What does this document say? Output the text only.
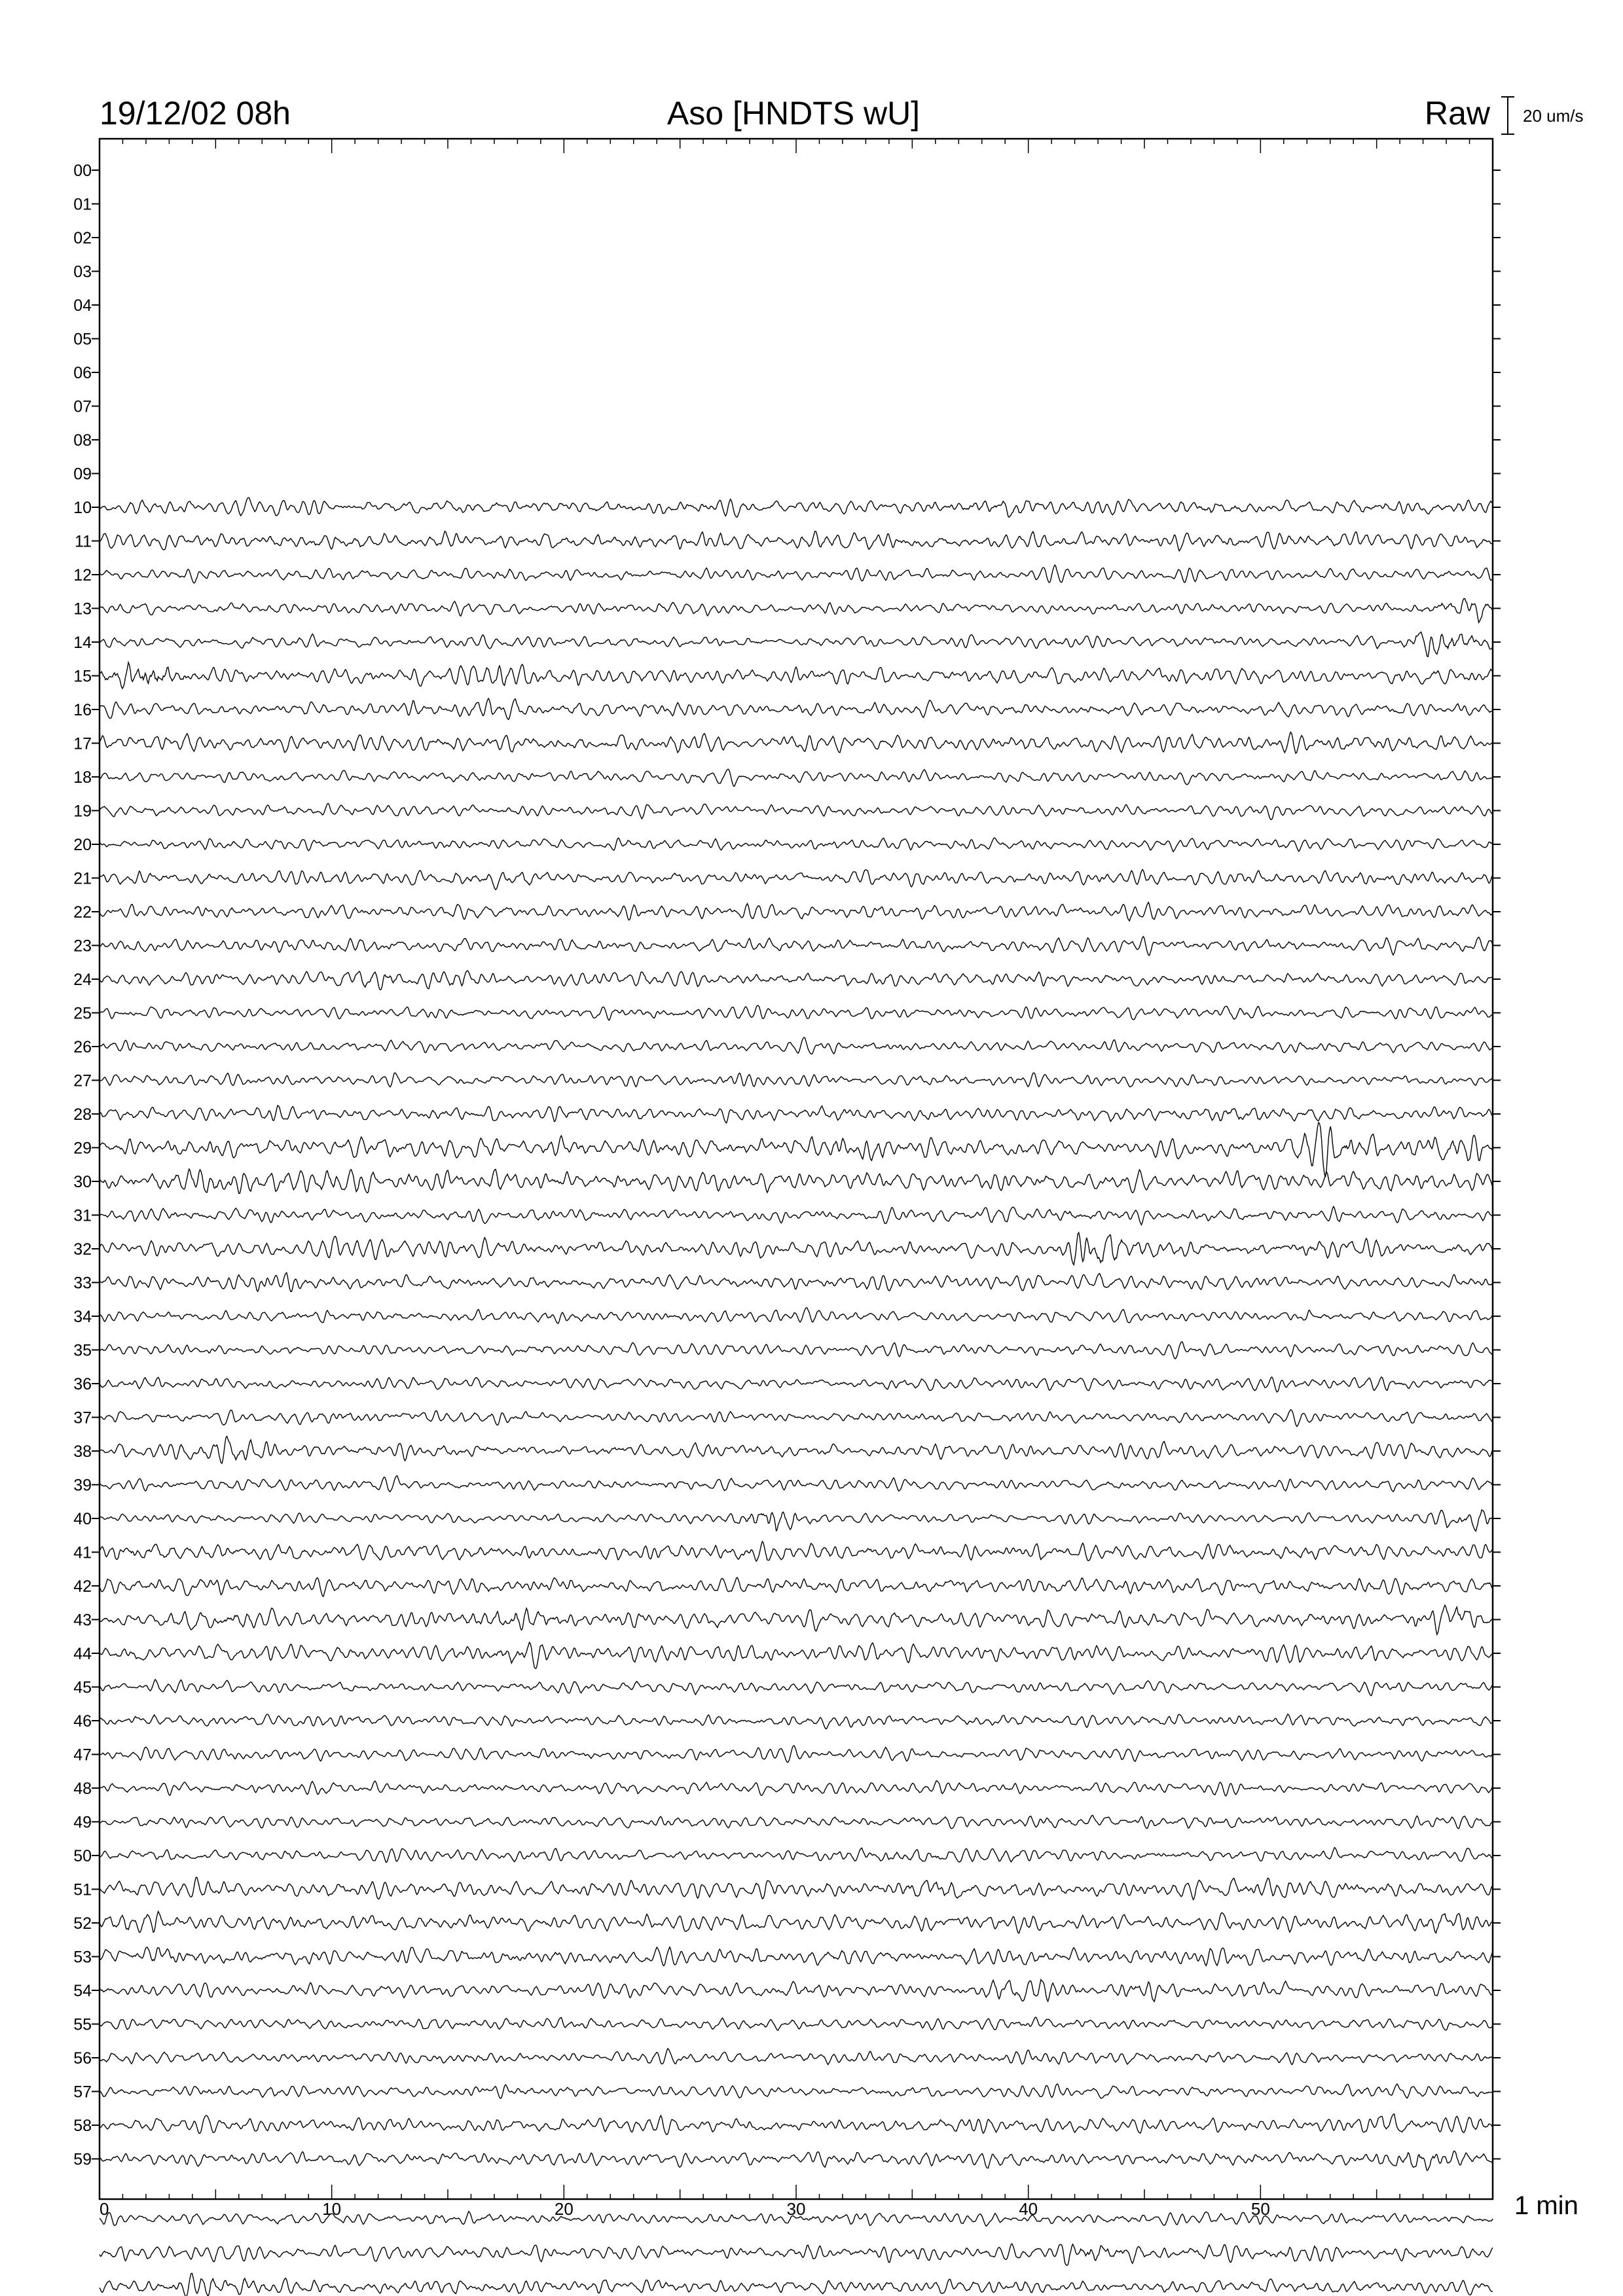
19/12/02 08h	Aso [HNDTS wU]	Raw 20 um/s
00
01
02
03
04
05
06
07
08
09
10
11
12
13
14
15
16
17
18
19
20
21
22
23
24
25
26
27
28
29
30
31
32
33
34
35
36
37
38
39
40
41
42
43
44
45
46
47
48
49
50
51
52
53
54
55
56
57
58
59
0	10	20	30	40	50	1 min
